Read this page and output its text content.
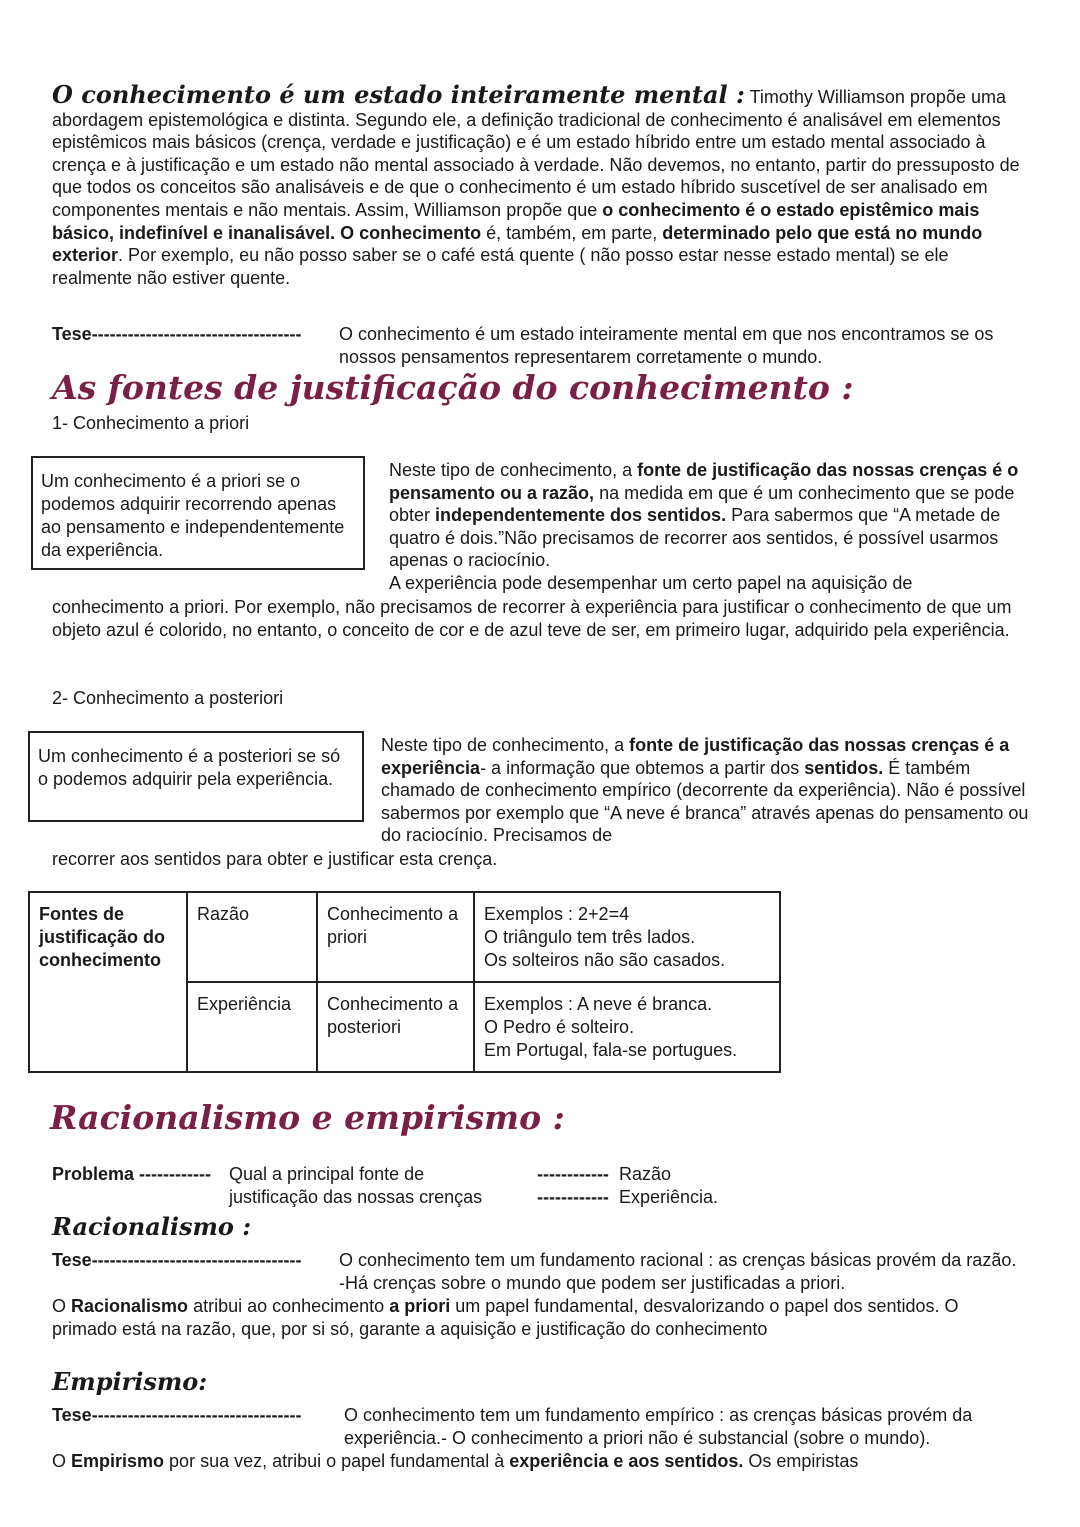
O conhecimento é um estado inteiramente mental : Timothy Williamson propõe uma abordagem epistemológica e distinta. Segundo ele, a definição tradicional de conhecimento é analisável em elementos epistêmicos mais básicos (crença, verdade e justificação) e é um estado híbrido entre um estado mental associado à crença e à justificação e um estado não mental associado à verdade. Não devemos, no entanto, partir do pressuposto de que todos os conceitos são analisáveis e de que o conhecimento é um estado híbrido suscetível de ser analisado em componentes mentais e não mentais. Assim, Williamson propõe que o conhecimento é o estado epistêmico mais básico, indefinível e inanalisável. O conhecimento é, também, em parte, determinado pelo que está no mundo exterior. Por exemplo, eu não posso saber se o café está quente ( não posso estar nesse estado mental) se ele realmente não estiver quente.
Tese----------------------------------- O conhecimento é um estado inteiramente mental em que nos encontramos se os nossos pensamentos representarem corretamente o mundo.
As fontes de justificação do conhecimento :
1- Conhecimento a priori
Um conhecimento é a priori se o podemos adquirir recorrendo apenas ao pensamento e independentemente da experiência.
Neste tipo de conhecimento, a fonte de justificação das nossas crenças é o pensamento ou a razão, na medida em que é um conhecimento que se pode obter independentemente dos sentidos. Para sabermos que “A metade de quatro é dois.”Não precisamos de recorrer aos sentidos, é possível usarmos apenas o raciocínio.
A experiência pode desempenhar um certo papel na aquisição de
conhecimento a priori. Por exemplo, não precisamos de recorrer à experiência para justificar o conhecimento de que um objeto azul é colorido, no entanto, o conceito de cor e de azul teve de ser, em primeiro lugar, adquirido pela experiência.
2- Conhecimento a posteriori
Um conhecimento é a posteriori se só o podemos adquirir pela experiência.
Neste tipo de conhecimento, a fonte de justificação das nossas crenças é a experiência- a informação que obtemos a partir dos sentidos. É também chamado de conhecimento empírico (decorrente da experiência). Não é possível sabermos por exemplo que “A neve é branca” através apenas do pensamento ou do raciocínio. Precisamos de
recorrer aos sentidos para obter e justificar esta crença.
Fontes de justificação do conhecimento	Razão	Conhecimento a priori	Exemplos : 2+2=4
O triângulo tem três lados.
Os solteiros não são casados.

	Experiência	Conhecimento a posteriori	Exemplos : A neve é branca.
O Pedro é solteiro.
Em Portugal, fala-se portugues.
Racionalismo e empirismo :
Problema ------------ Qual a principal fonte de
justificação das nossas crenças
------------ Razão
------------ Experiência.
Racionalismo :
Tese----------------------------------- O conhecimento tem um fundamento racional : as crenças básicas provém da razão. -Há crenças sobre o mundo que podem ser justificadas a priori.
O Racionalismo atribui ao conhecimento a priori um papel fundamental, desvalorizando o papel dos sentidos. O primado está na razão, que, por si só, garante a aquisição e justificação do conhecimento
Empirismo:
Tese----------------------------------- O conhecimento tem um fundamento empírico : as crenças básicas provém da experiência.- O conhecimento a priori não é substancial (sobre o mundo).
O Empirismo por sua vez, atribui o papel fundamental à experiência e aos sentidos. Os empiristas
